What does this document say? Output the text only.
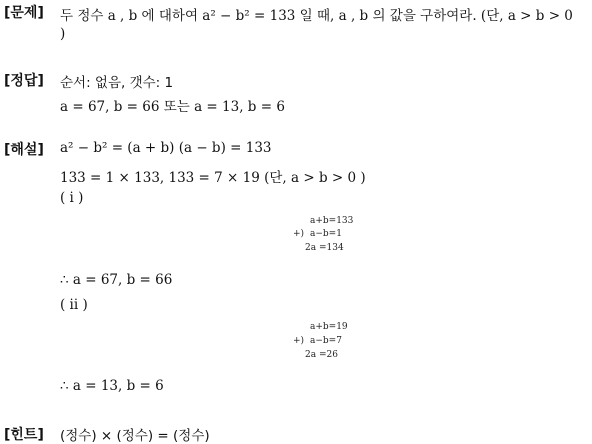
[문제] 두 정수 a , b 에 대하여 a² − b² = 133 일 때, a , b 의 값을 구하여라. (단, a > b > 0
)
[정답] 순서: 없음, 갯수: 1
a = 67, b = 66 또는 a = 13, b = 6
[해설] a² − b² = (a + b) (a − b) = 133
133 = 1 × 133, 133 = 7 × 19 (단, a > b > 0 )
( i )
a+b=133
+) a−b=1
2a =134
∴ a = 67, b = 66
( ii )
a+b=19
+) a−b=7
2a =26
∴ a = 13, b = 6
[힌트] (정수) × (정수) = (정수)
